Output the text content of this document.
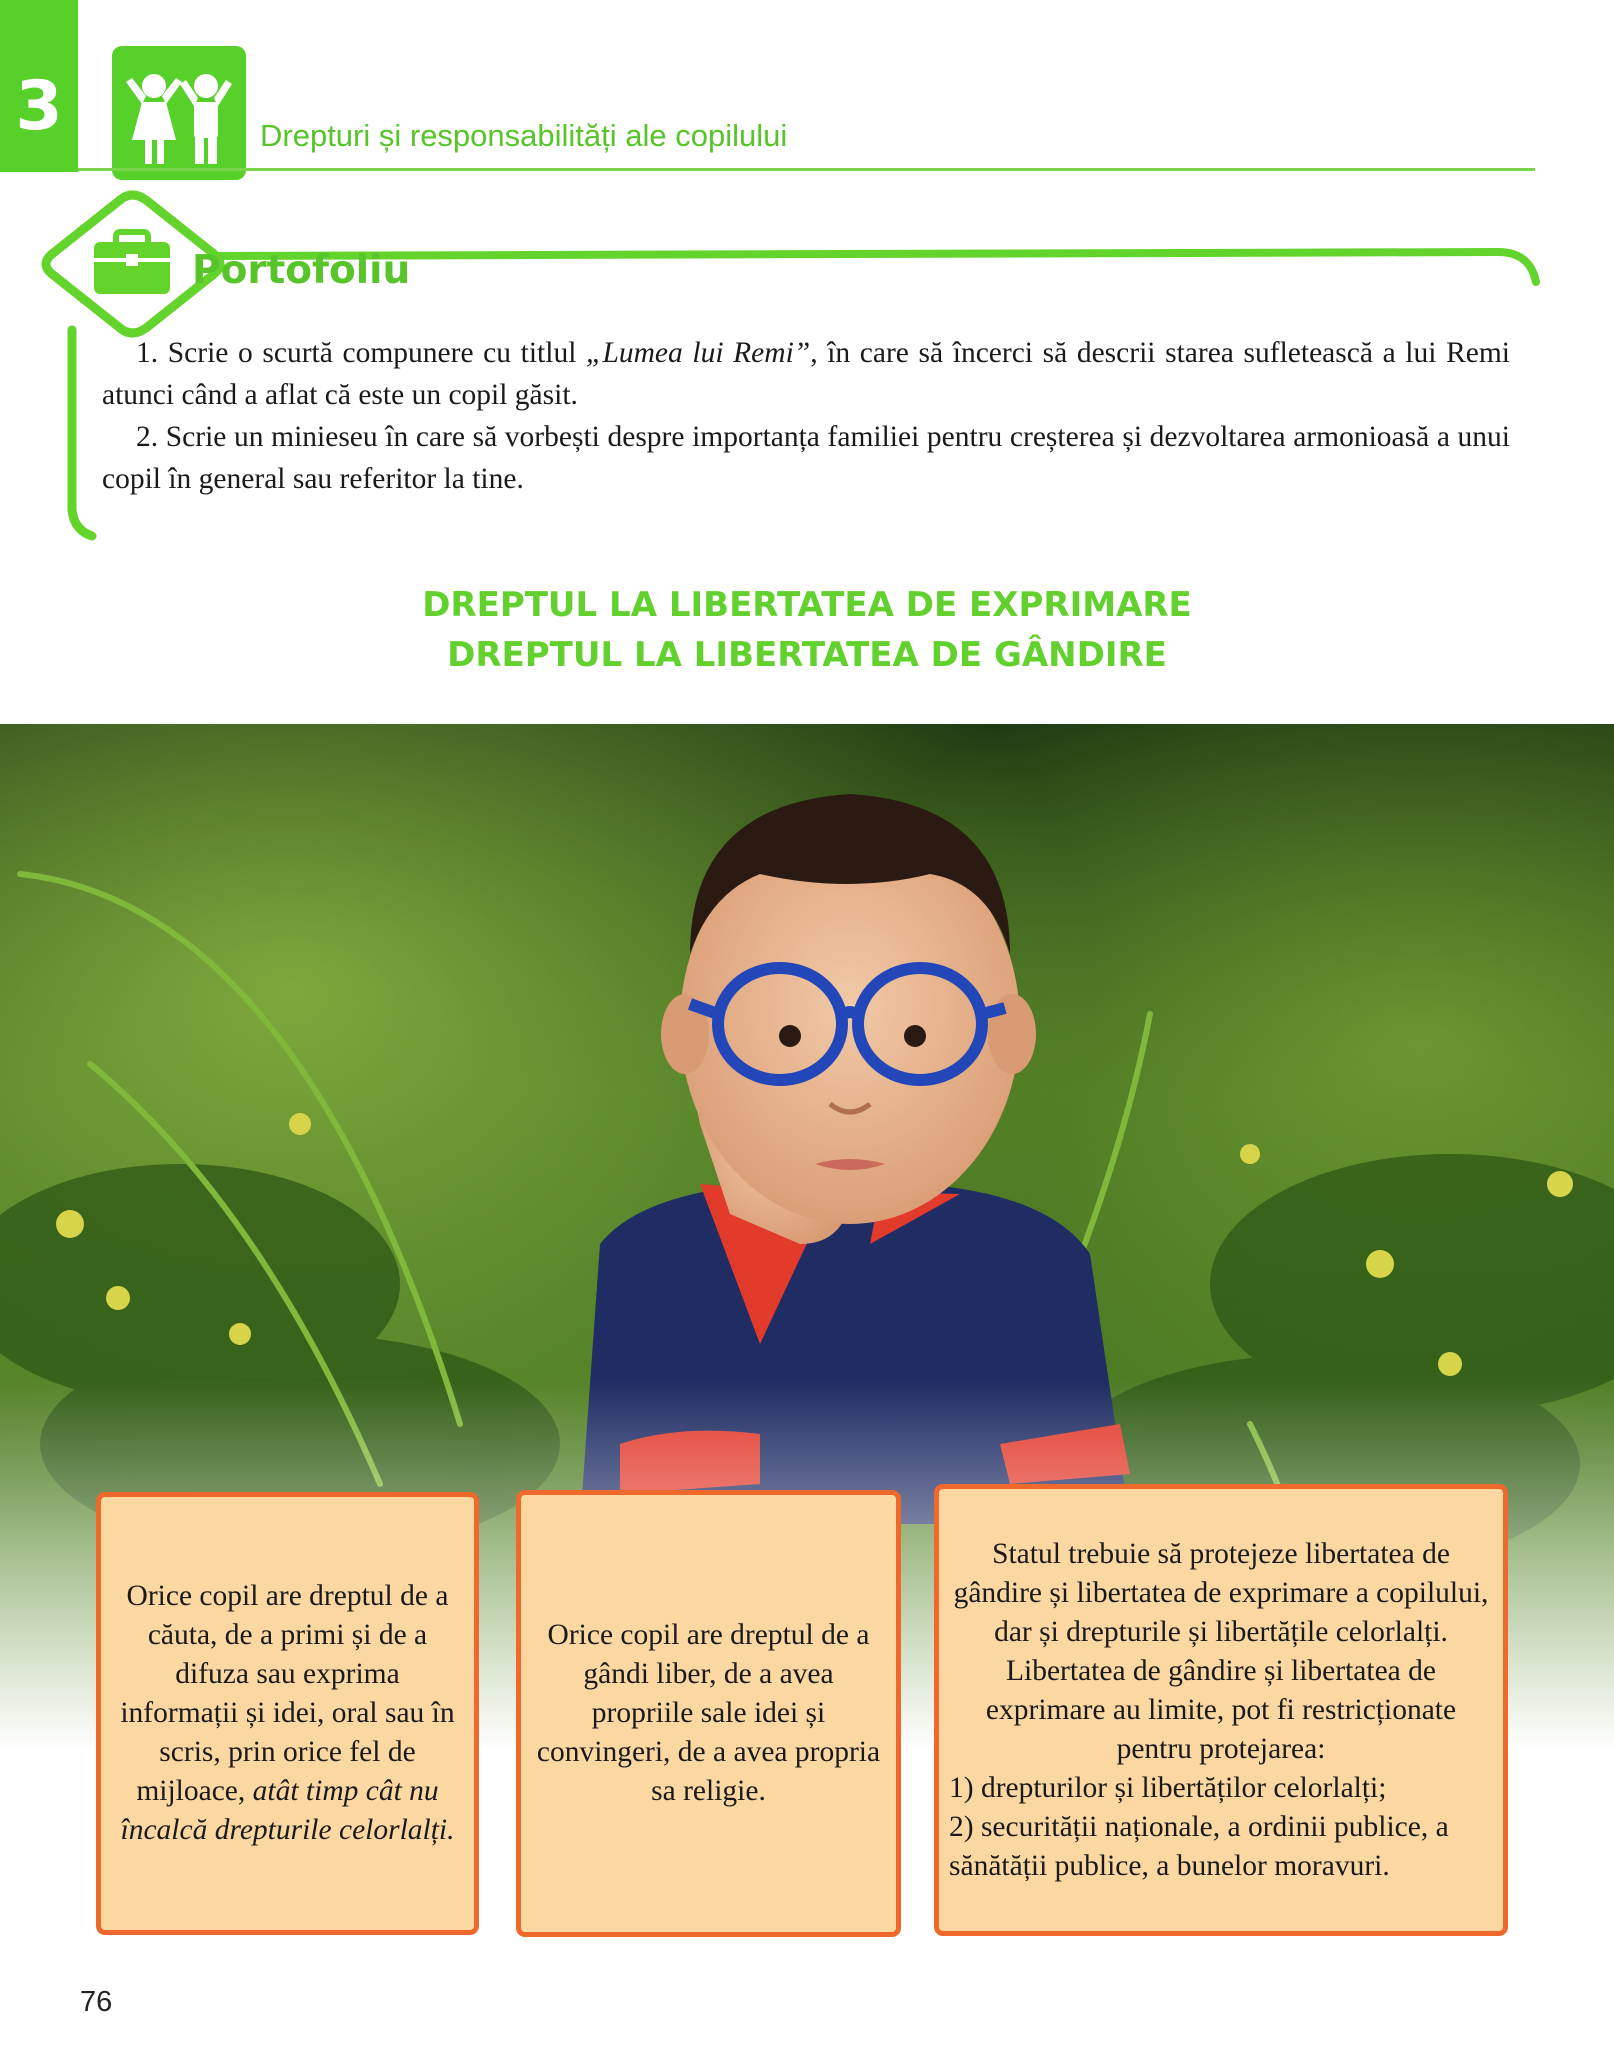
3	Drepturi și responsabilități ale copilului
Portofoliu

1. Scrie o scurtă compunere cu titlul „Lumea lui Remi”, în care să încerci să descrii starea sufletească a lui Remi atunci când a aflat că este un copil găsit.

2. Scrie un minieseu în care să vorbești despre importanța familiei pentru creșterea și dezvoltarea armonioasă a unui copil în general sau referitor la tine.

DREPTUL LA LIBERTATEA DE EXPRIMARE
DREPTUL LA LIBERTATEA DE GÂNDIRE
Orice copil are dreptul de a căuta, de a primi și de a difuza sau exprima informații și idei, oral sau în scris, prin orice fel de mijloace, atât timp cât nu încalcă drepturile celorlalți.
Orice copil are dreptul de a gândi liber, de a avea propriile sale idei și convingeri, de a avea propria sa religie.
Statul trebuie să protejeze libertatea de gândire și libertatea de exprimare a copilului, dar și drepturile și libertățile celorlalți.
Libertatea de gândire și libertatea de exprimare au limite, pot fi restricționate pentru protejarea:
1) drepturilor și libertăților celorlalți;
2) securității naționale, a ordinii publice, a sănătății publice, a bunelor moravuri.
76
